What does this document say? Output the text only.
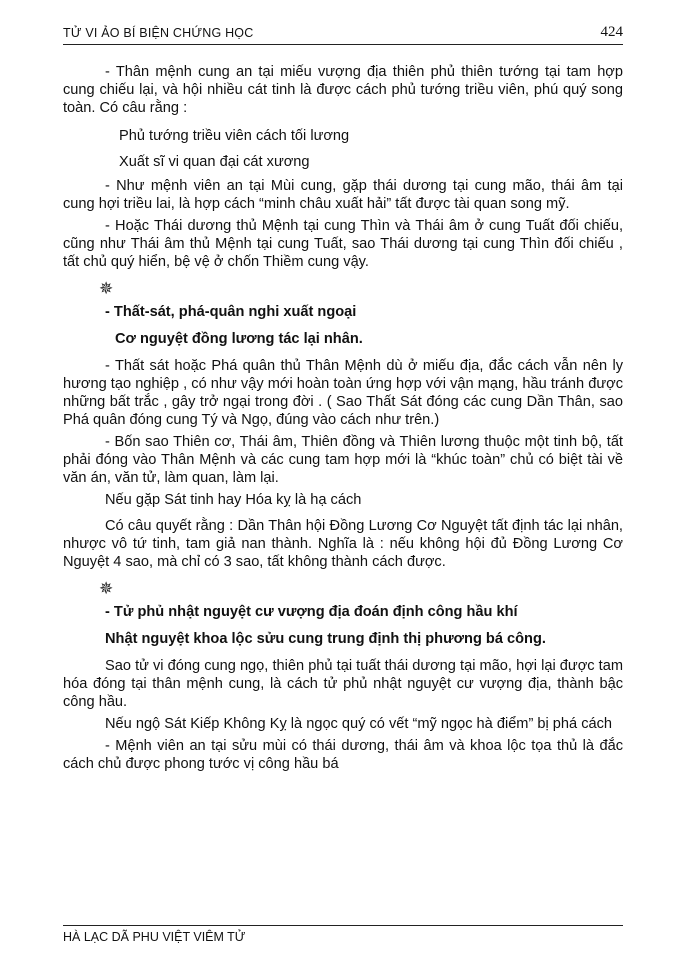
TỬ VI ẢO BÍ BIỆN CHỨNG HỌC	424

- Thân mệnh cung an tại miếu vượng địa thiên phủ thiên tướng tại tam hợp cung chiếu lại, và hội nhiều cát tinh là được cách phủ tướng triều viên, phú quý song toàn. Có câu rằng :

Phủ tướng triều viên cách tối lương

Xuất sĩ vi quan đại cát xương

- Như mệnh viên an tại Mùi cung, gặp thái dương tại cung mão, thái âm tại cung hợi triều lai, là hợp cách “minh châu xuất hải” tất được tài quan song mỹ.

- Hoặc Thái dương thủ Mệnh tại cung Thìn và Thái âm ở cung Tuất đối chiếu, cũng như Thái âm thủ Mệnh tại cung Tuất, sao Thái dương tại cung Thìn đối chiếu , tất chủ quý hiển, bệ vệ ở chốn Thiềm cung vậy.

✵

- Thất-sát, phá-quân nghi xuất ngoại

Cơ nguyệt đồng lương tác lại nhân.

- Thất sát hoặc Phá quân thủ Thân Mệnh dù ở miếu địa, đắc cách vẫn nên ly hương tạo nghiệp , có như vậy mới hoàn toàn ứng hợp với vận mạng, hầu tránh được những bất trắc , gây trở ngại trong đời . ( Sao Thất Sát đóng các cung Dần Thân, sao Phá quân đóng cung Tý và Ngọ, đúng vào cách như trên.)

- Bốn sao Thiên cơ, Thái âm, Thiên đồng và Thiên lương thuộc một tinh bộ, tất phải đóng vào Thân Mệnh và các cung tam hợp mới là “khúc toàn” chủ có biệt tài về văn án, văn tử, làm quan, làm lại.

Nếu gặp Sát tinh hay Hóa kỵ là hạ cách

Có câu quyết rằng : Dần Thân hội Đồng Lương Cơ Nguyệt tất định tác lại nhân, nhược vô tứ tinh, tam giả nan thành. Nghĩa là : nếu không hội đủ Đồng Lương Cơ Nguyệt 4 sao, mà chỉ có 3 sao, tất không thành cách được.

✵

- Tử phủ nhật nguyệt cư vượng địa đoán định công hầu khí

Nhật nguyệt khoa lộc sửu cung trung định thị phương bá công.

Sao tử vi đóng cung ngọ, thiên phủ tại tuất thái dương tại mão, hợi lại được tam hóa đóng tại thân mệnh cung, là cách tử phủ nhật nguyệt cư vượng địa, thành bậc công hầu.

Nếu ngộ Sát Kiếp Không Kỵ là ngọc quý có vết “mỹ ngọc hà điểm” bị phá cách

- Mệnh viên an tại sửu mùi có thái dương, thái âm và khoa lộc tọa thủ là đắc cách chủ được phong tước vị công hầu bá

HÀ LẠC DÃ PHU VIỆT VIÊM TỬ
